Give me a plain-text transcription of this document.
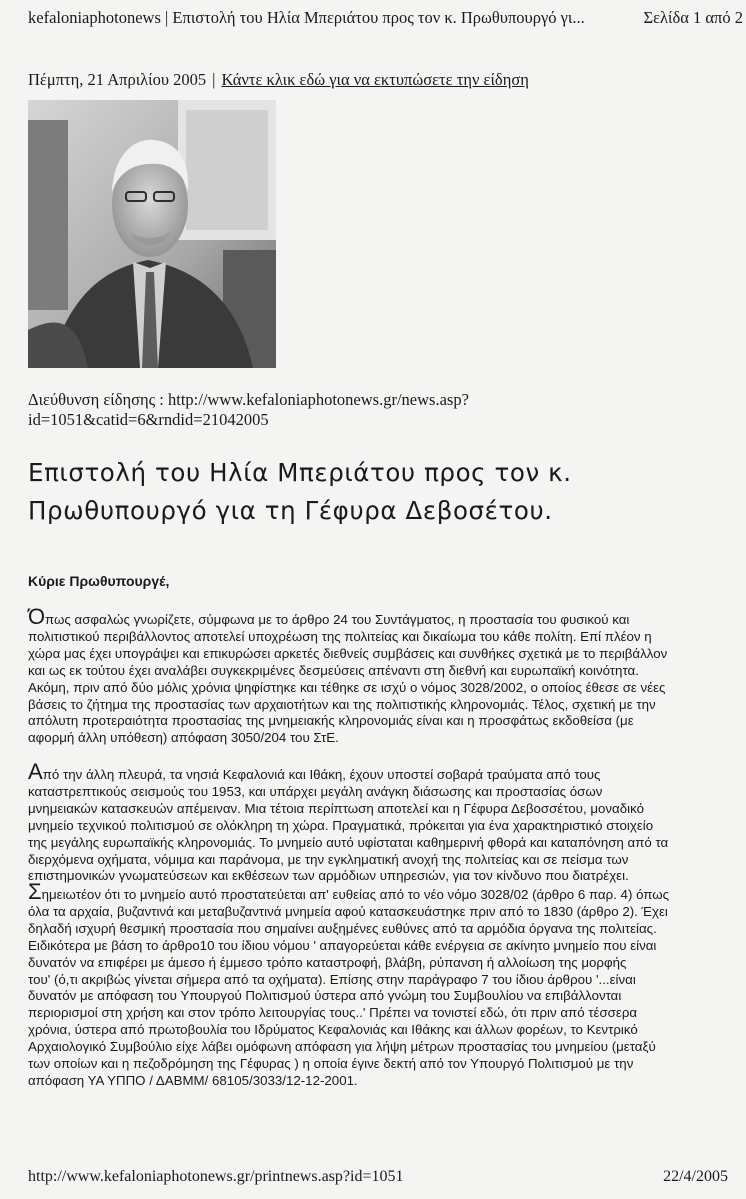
kefaloniaphotonews | Επιστολή του Ηλία Μπεριάτου προς τον κ. Πρωθυπουργό γι...	Σελίδα 1 από 2
Πέμπτη, 21 Απριλίου 2005 | Κάντε κλικ εδώ για να εκτυπώσετε την είδηση
Διεύθυνση είδησης : http://www.kefaloniaphotonews.gr/news.asp?
id=1051&catid=6&rndid=21042005
Επιστολή του Ηλία Μπεριάτου προς τον κ.
Πρωθυπουργό για τη Γέφυρα Δεβοσέτου.
Κύριε Πρωθυπουργέ,
Όπως ασφαλώς γνωρίζετε, σύμφωνα με το άρθρο 24 του Συντάγματος, η προστασία του φυσικού και
πολιτιστικού περιβάλλοντος αποτελεί υποχρέωση της πολιτείας και δικαίωμα του κάθε πολίτη. Επί πλέον η
χώρα μας έχει υπογράψει και επικυρώσει αρκετές διεθνείς συμβάσεις και συνθήκες σχετικά με το περιβάλλον
και ως εκ τούτου έχει αναλάβει συγκεκριμένες δεσμεύσεις απέναντι στη διεθνή και ευρωπαϊκή κοινότητα.
Ακόμη, πριν από δύο μόλις χρόνια ψηφίστηκε και τέθηκε σε ισχύ ο νόμος 3028/2002, ο οποίος έθεσε σε νέες
βάσεις το ζήτημα της προστασίας των αρχαιοτήτων και της πολιτιστικής κληρονομιάς. Τέλος, σχετική με την
απόλυτη προτεραιότητα προστασίας της μνημειακής κληρονομιάς είναι και η προσφάτως εκδοθείσα (με
αφορμή άλλη υπόθεση) απόφαση 3050/204 του ΣτΕ.
Από την άλλη πλευρά, τα νησιά Κεφαλονιά και Ιθάκη, έχουν υποστεί σοβαρά τραύματα από τους
καταστρεπτικούς σεισμούς του 1953, και υπάρχει μεγάλη ανάγκη διάσωσης και προστασίας όσων
μνημειακών κατασκευών απέμειναν. Μια τέτοια περίπτωση αποτελεί και η Γέφυρα Δεβοσσέτου, μοναδικό
μνημείο τεχνικού πολιτισμού σε ολόκληρη τη χώρα. Πραγματικά, πρόκειται για ένα χαρακτηριστικό στοιχείο
της μεγάλης ευρωπαϊκής κληρονομιάς. Το μνημείο αυτό υφίσταται καθημερινή φθορά και καταπόνηση από τα
διερχόμενα οχήματα, νόμιμα και παράνομα, με την εγκληματική ανοχή της πολιτείας και σε πείσμα των
επιστημονικών γνωματεύσεων και εκθέσεων των αρμόδιων υπηρεσιών, για τον κίνδυνο που διατρέχει.
Σημειωτέον ότι το μνημείο αυτό προστατεύεται απ' ευθείας από το νέο νόμο 3028/02 (άρθρο 6 παρ. 4) όπως
όλα τα αρχαία, βυζαντινά και μεταβυζαντινά μνημεία αφού κατασκευάστηκε πριν από το 1830 (άρθρο 2). Έχει
δηλαδή ισχυρή θεσμική προστασία που σημαίνει αυξημένες ευθύνες από τα αρμόδια όργανα της πολιτείας.
Ειδικότερα με βάση το άρθρο10 του ίδιου νόμου ' απαγορεύεται κάθε ενέργεια σε ακίνητο μνημείο που είναι
δυνατόν να επιφέρει με άμεσο ή έμμεσο τρόπο καταστροφή, βλάβη, ρύπανση ή αλλοίωση της μορφής
του' (ό,τι ακριβώς γίνεται σήμερα από τα οχήματα). Επίσης στην παράγραφο 7 του ίδιου άρθρου '...είναι
δυνατόν με απόφαση του Υπουργού Πολιτισμού ύστερα από γνώμη του Συμβουλίου να επιβάλλονται
περιορισμοί στη χρήση και στον τρόπο λειτουργίας τους..' Πρέπει να τονιστεί εδώ, ότι πριν από τέσσερα
χρόνια, ύστερα από πρωτοβουλία του Ιδρύματος Κεφαλονιάς και Ιθάκης και άλλων φορέων, το Κεντρικό
Αρχαιολογικό Συμβούλιο είχε λάβει ομόφωνη απόφαση για λήψη μέτρων προστασίας του μνημείου (μεταξύ
των οποίων και η πεζοδρόμηση της Γέφυρας ) η οποία έγινε δεκτή από τον Υπουργό Πολιτισμού με την
απόφαση ΥΑ ΥΠΠΟ / ΔΑΒΜΜ/ 68105/3033/12-12-2001.
http://www.kefaloniaphotonews.gr/printnews.asp?id=1051	22/4/2005
